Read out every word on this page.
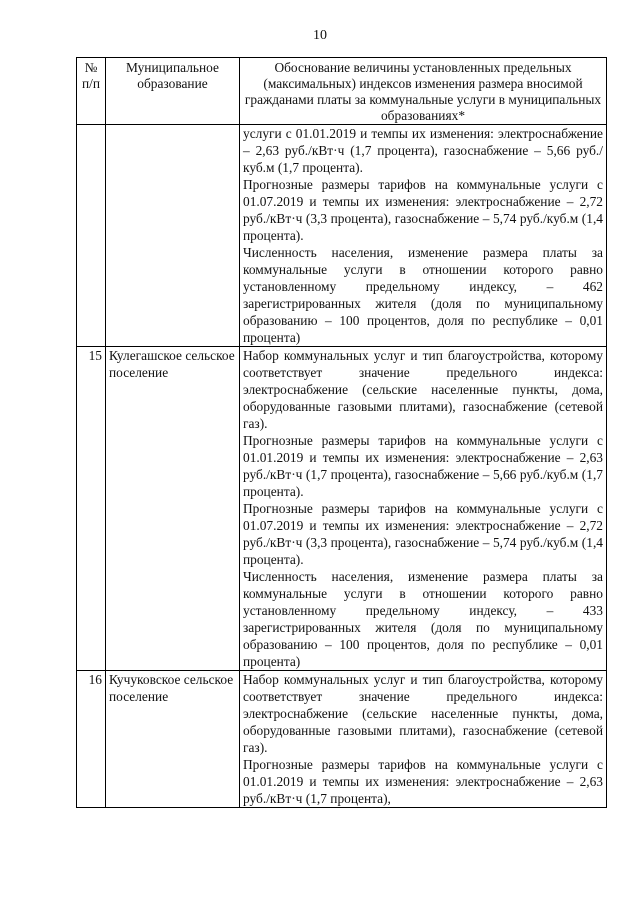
10
№ п/п	Муниципальное образование	Обоснование величины установленных предельных (максимальных) индексов изменения размера вносимой гражданами платы за коммунальные услуги в муниципальных образованиях*

		услуги с 01.01.2019 и темпы их изменения: электроснабжение – 2,63 руб./кВт·ч (1,7 процента), газоснабжение – 5,66 руб./куб.м (1,7 процента).
Прогнозные размеры тарифов на коммунальные услуги с 01.07.2019 и темпы их изменения: электроснабжение – 2,72 руб./кВт·ч (3,3 процента), газоснабжение – 5,74 руб./куб.м (1,4 процента).
Численность населения, изменение размера платы за коммунальные услуги в отношении которого равно установленному предельному индексу, – 462 зарегистрированных жителя (доля по муниципальному образованию – 100 процентов, доля по республике – 0,01 процента)

15	Кулегашское сельское поселение	Набор коммунальных услуг и тип благоустройства, которому соответствует значение предельного индекса: электроснабжение (сельские населенные пункты, дома, оборудованные газовыми плитами), газоснабжение (сетевой газ).
Прогнозные размеры тарифов на коммунальные услуги с 01.01.2019 и темпы их изменения: электроснабжение – 2,63 руб./кВт·ч (1,7 процента), газоснабжение – 5,66 руб./куб.м (1,7 процента).
Прогнозные размеры тарифов на коммунальные услуги с 01.07.2019 и темпы их изменения: электроснабжение – 2,72 руб./кВт·ч (3,3 процента), газоснабжение – 5,74 руб./куб.м (1,4 процента).
Численность населения, изменение размера платы за коммунальные услуги в отношении которого равно установленному предельному индексу, – 433 зарегистрированных жителя (доля по муниципальному образованию – 100 процентов, доля по республике – 0,01 процента)

16	Кучуковское сельское поселение	Набор коммунальных услуг и тип благоустройства, которому соответствует значение предельного индекса: электроснабжение (сельские населенные пункты, дома, оборудованные газовыми плитами), газоснабжение (сетевой газ).
Прогнозные размеры тарифов на коммунальные услуги с 01.01.2019 и темпы их изменения: электроснабжение – 2,63 руб./кВт·ч (1,7 процента),
